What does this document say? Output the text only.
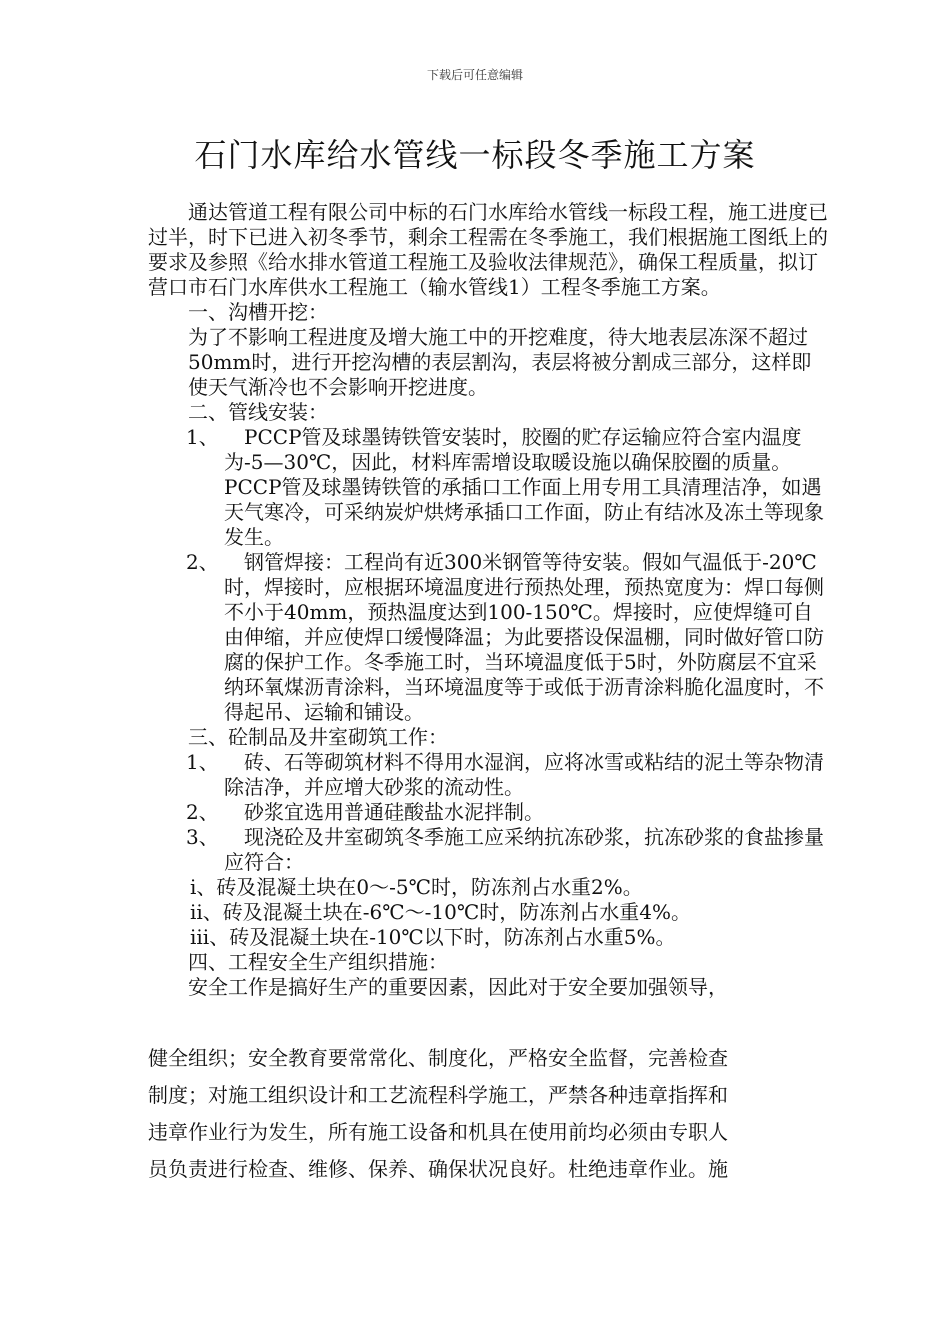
下载后可任意编辑
石门水库给水管线一标段冬季施工方案

通达管道工程有限公司中标的石门水库给水管线一标段工程，施工进度已过半，时下已进入初冬季节，剩余工程需在冬季施工，我们根据施工图纸上的要求及参照《给水排水管道工程施工及验收法律规范》，确保工程质量，拟订营口市石门水库供水工程施工（输水管线1）工程冬季施工方案。

一、沟槽开挖：

为了不影响工程进度及增大施工中的开挖难度，待大地表层冻深不超过50mm时，进行开挖沟槽的表层割沟，表层将被分割成三部分，这样即使天气渐冷也不会影响开挖进度。

二、管线安装：

1、	PCCP管及球墨铸铁管安装时，胶圈的贮存运输应符合室内温度为-5—30℃，因此，材料库需增设取暖设施以确保胶圈的质量。PCCP管及球墨铸铁管的承插口工作面上用专用工具清理洁净，如遇天气寒冷，可采纳炭炉烘烤承插口工作面，防止有结冰及冻土等现象发生。
2、	钢管焊接：工程尚有近300米钢管等待安装。假如气温低于-20℃时，焊接时，应根据环境温度进行预热处理，预热宽度为：焊口每侧不小于40mm，预热温度达到100-150℃。焊接时，应使焊缝可自由伸缩，并应使焊口缓慢降温；为此要搭设保温棚，同时做好管口防腐的保护工作。冬季施工时，当环境温度低于5时，外防腐层不宜采纳环氧煤沥青涂料，当环境温度等于或低于沥青涂料脆化温度时，不得起吊、运输和铺设。

三、砼制品及井室砌筑工作：

1、	砖、石等砌筑材料不得用水湿润，应将冰雪或粘结的泥土等杂物清除洁净，并应增大砂浆的流动性。
2、	砂浆宜选用普通硅酸盐水泥拌制。
3、	现浇砼及井室砌筑冬季施工应采纳抗冻砂浆，抗冻砂浆的食盐掺量应符合：

ⅰ、砖及混凝土块在0～-5℃时，防冻剂占水重2%。

ⅱ、砖及混凝土块在-6℃～-10℃时，防冻剂占水重4%。

ⅲ、砖及混凝土块在-10℃以下时，防冻剂占水重5%。

四、工程安全生产组织措施：

安全工作是搞好生产的重要因素，因此对于安全要加强领导，

健全组织；安全教育要常常化、制度化，严格安全监督，完善检查

制度；对施工组织设计和工艺流程科学施工，严禁各种违章指挥和

违章作业行为发生，所有施工设备和机具在使用前均必须由专职人

员负责进行检查、维修、保养、确保状况良好。杜绝违章作业。施
